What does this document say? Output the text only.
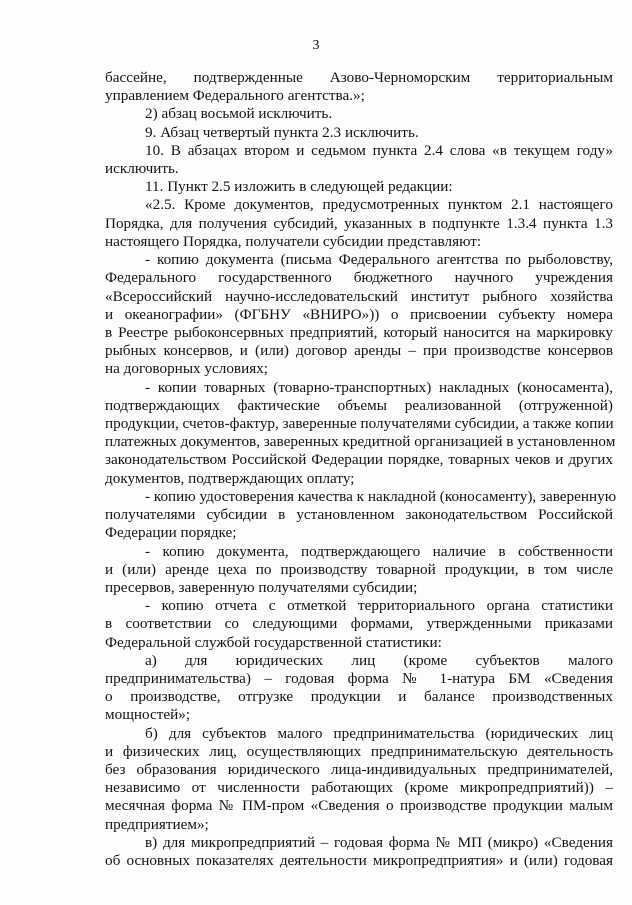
3
бассейне, подтвержденные Азово-Черноморским территориальным
управлением Федерального агентства.»;
2) абзац восьмой исключить.
9. Абзац четвертый пункта 2.3 исключить.
10. В абзацах втором и седьмом пункта 2.4 слова «в текущем году»
исключить.
11. Пункт 2.5 изложить в следующей редакции:
«2.5. Кроме документов, предусмотренных пунктом 2.1 настоящего
Порядка, для получения субсидий, указанных в подпункте 1.3.4 пункта 1.3
настоящего Порядка, получатели субсидии представляют:
- копию документа (письма Федерального агентства по рыболовству,
Федерального государственного бюджетного научного учреждения
«Всероссийский научно-исследовательский институт рыбного хозяйства
и океанографии» (ФГБНУ «ВНИРО»)) о присвоении субъекту номера
в Реестре рыбоконсервных предприятий, который наносится на маркировку
рыбных консервов, и (или) договор аренды – при производстве консервов
на договорных условиях;
- копии товарных (товарно-транспортных) накладных (коносамента),
подтверждающих фактические объемы реализованной (отгруженной)
продукции, счетов-фактур, заверенные получателями субсидии, а также копии
платежных документов, заверенных кредитной организацией в установленном
законодательством Российской Федерации порядке, товарных чеков и других
документов, подтверждающих оплату;
- копию удостоверения качества к накладной (коносаменту), заверенную
получателями субсидии в установленном законодательством Российской
Федерации порядке;
- копию документа, подтверждающего наличие в собственности
и (или) аренде цеха по производству товарной продукции, в том числе
пресервов, заверенную получателями субсидии;
- копию отчета с отметкой территориального органа статистики
в соответствии со следующими формами, утвержденными приказами
Федеральной службой государственной статистики:
а) для юридических лиц (кроме субъектов малого
предпринимательства) – годовая форма № 1-натура БМ «Сведения
о производстве, отгрузке продукции и балансе производственных
мощностей»;
б) для субъектов малого предпринимательства (юридических лиц
и физических лиц, осуществляющих предпринимательскую деятельность
без образования юридического лица-индивидуальных предпринимателей,
независимо от численности работающих (кроме микропредприятий)) –
месячная форма № ПМ-пром «Сведения о производстве продукции малым
предприятием»;
в) для микропредприятий – годовая форма № МП (микро) «Сведения
об основных показателях деятельности микропредприятия» и (или) годовая
